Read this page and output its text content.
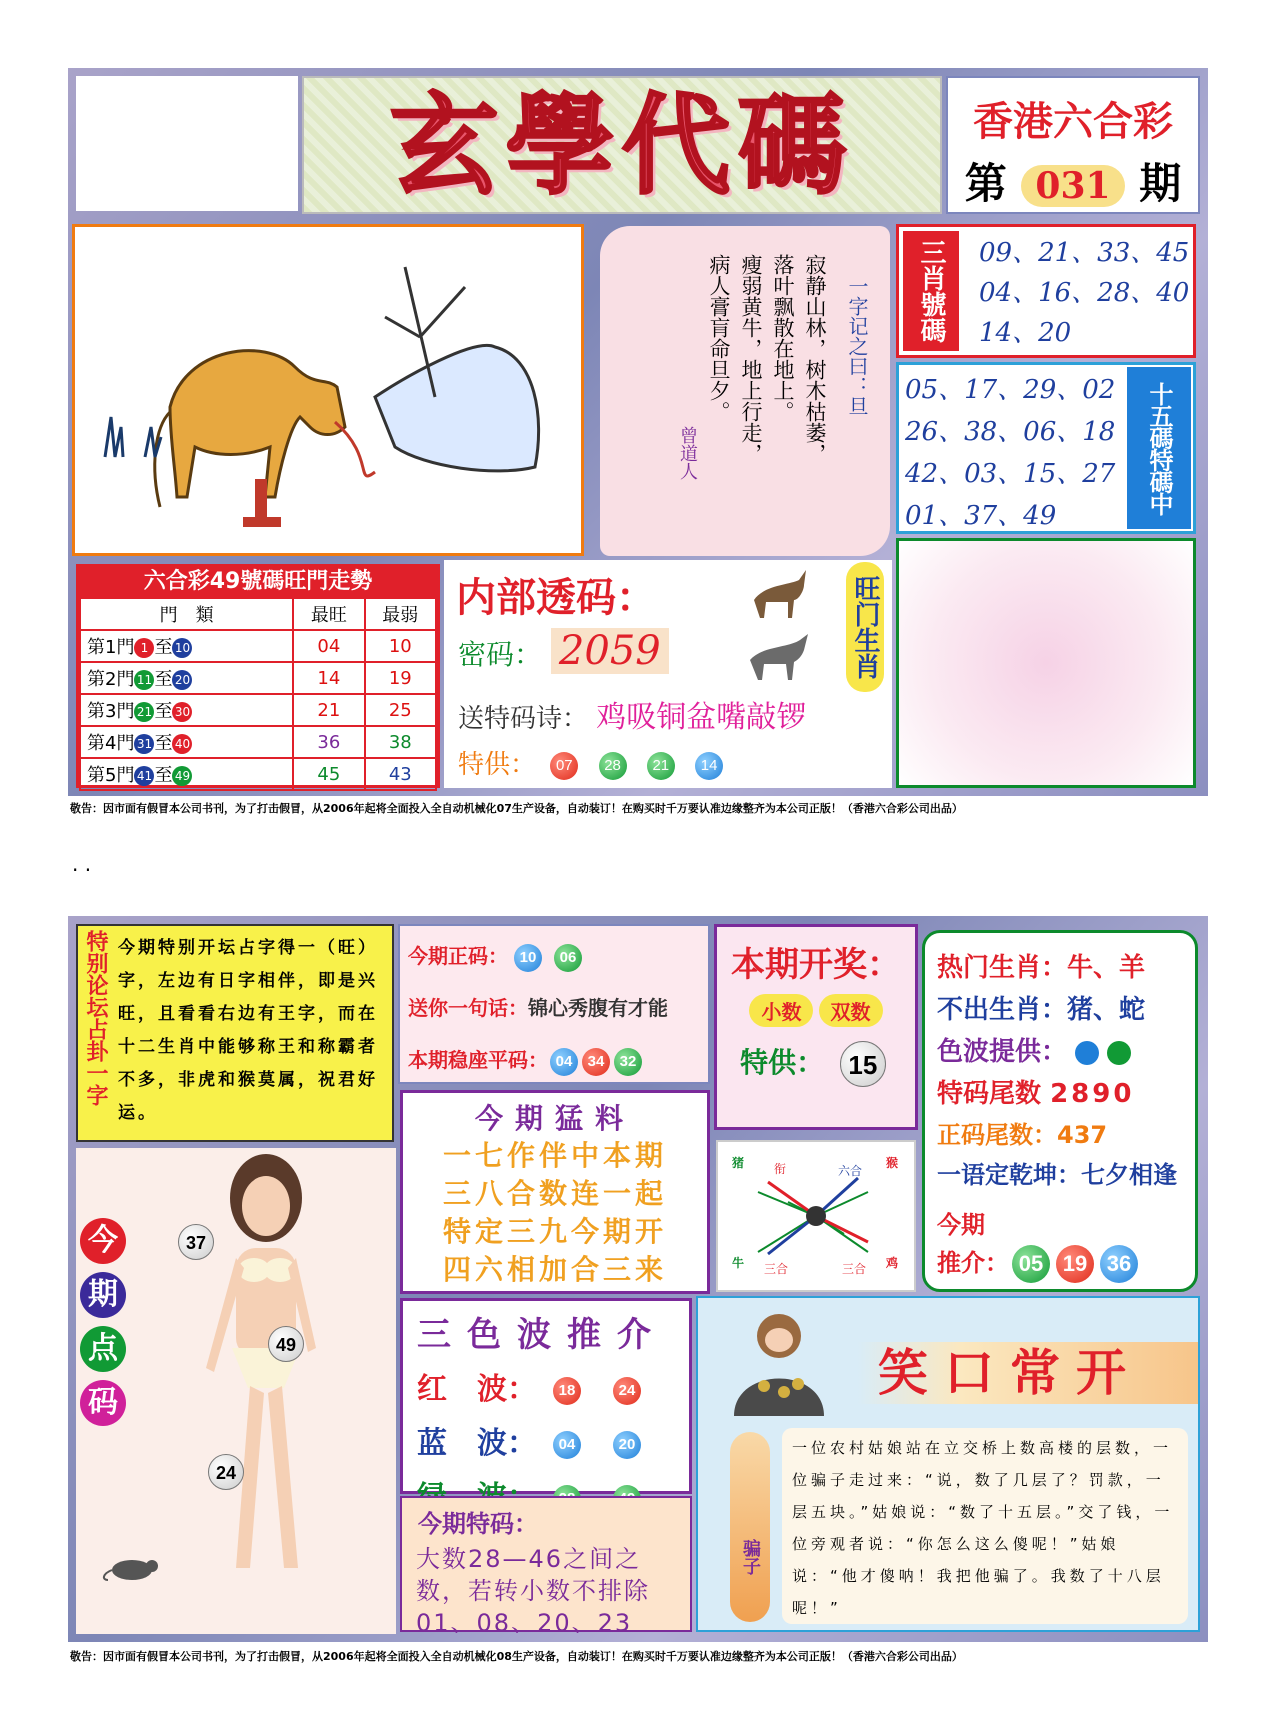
玄學代碼	香港六合彩
第 031 期
一字记之曰：旦
寂静山林，树木枯萎，
落叶飘散在地上。
瘦弱黄牛，地上行走，
病人膏肓命旦夕。
曾道人
三肖號碼	09、21、33、45
04、16、28、40
14、20
05、17、29、02
26、38、06、18
42、03、15、27
01、37、49
十五碼特碼中
六合彩49號碼旺門走勢
門　類	最旺	最弱
第1門 1 至 10	04	10
第2門 11 至 20	14	19
第3門 21 至 30	21	25
第4門 31 至 40	36	38
第5門 41 至 49	45	43
内部透码：
密码： 2059
送特码诗： 鸡吸铜盆嘴敲锣
特供： 07 28 21 14
旺门生肖
敬告：因市面有假冒本公司书刊，为了打击假冒，从2006年起将全面投入全自动机械化07生产设备，自动装订！在购买时千万要认准边缘整齐为本公司正版！（香港六合彩公司出品）
. .
特别论坛占卦一字 今期特别开坛占字得一（旺）字，左边有日字相伴，即是兴旺，且看看右边有王字，而在十二生肖中能够称王和称霸者不多，非虎和猴莫属，祝君好运。
今期正码： 10 06
送你一句话：锦心秀腹有才能
本期稳座平码： 04 34 32
本期开奖：
小数 双数
特供： 15
热门生肖：牛、羊
不出生肖：猪、蛇
色波提供：
特码尾数 2890
正码尾数：437
一语定乾坤：七夕相逢
今期
推介： 05 19 36
今期猛料
一七作伴中本期
三八合数连一起
特定三九今期开
四六相加合三来
猪 衔	六合
猴
牛 三合	三合 鸡
今
期
点
码
37
49
24
三色波推介
红　波： 18	24
蓝　波： 04	20
今期特码：
大数28—46之间之数，若转小数不排除01、08、20、23
笑口常开
骗子
一位农村姑娘站在立交桥上数高楼的层数，一位骗子走过来：“说，数了几层了？罚款，一层五块。”姑娘说：“数了十五层。”交了钱，一位旁观者说：“你怎么这么傻呢！”姑娘说：“他才傻呐！我把他骗了。我数了十八层呢！”
敬告：因市面有假冒本公司书刊，为了打击假冒，从2006年起将全面投入全自动机械化08生产设备，自动装订！在购买时千万要认准边缘整齐为本公司正版！（香港六合彩公司出品）
